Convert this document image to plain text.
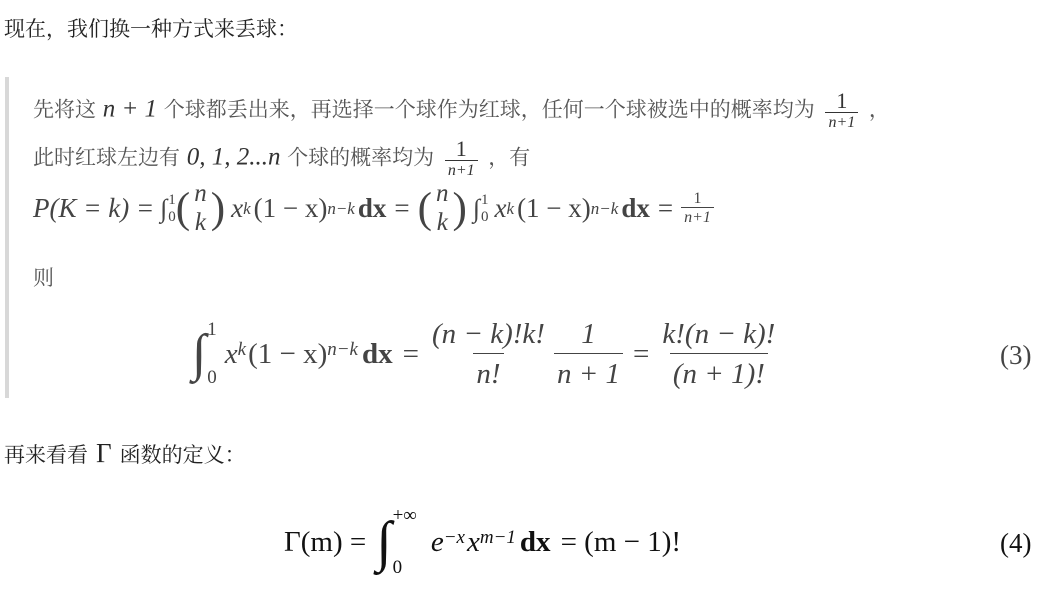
现在，我们换一种方式来丢球：
先将这 n + 1 个球都丢出来，再选择一个球作为红球，任何一个球被选中的概率均为 $\frac{1}{n+1}$ ，
此时红球左边有 0, 1, 2...n 个球的概率均为 $\frac{1}{n+1}$ ，有
P(K = k) = ∫ 1
0 ( n
k ) x k (1 − x) n−k dx = ( n
k ) ∫ 1
0 x k (1 − x) n−k dx = $\frac{1}{n+1}$
则
∫ 1
0
$x^k$ $(1 - x)^{n-k}$ dx = $\frac{(n - k)!k!}{n!} \frac{1}{n + 1} = \frac{k!(n - k)!}{(n + 1)!}$	(3)
再来看看 Γ 函数的定义：
Γ(m) = ∫ +∞
0
$e^{-x}$ $x^{m-1}$ dx = (m − 1)!	(4)
